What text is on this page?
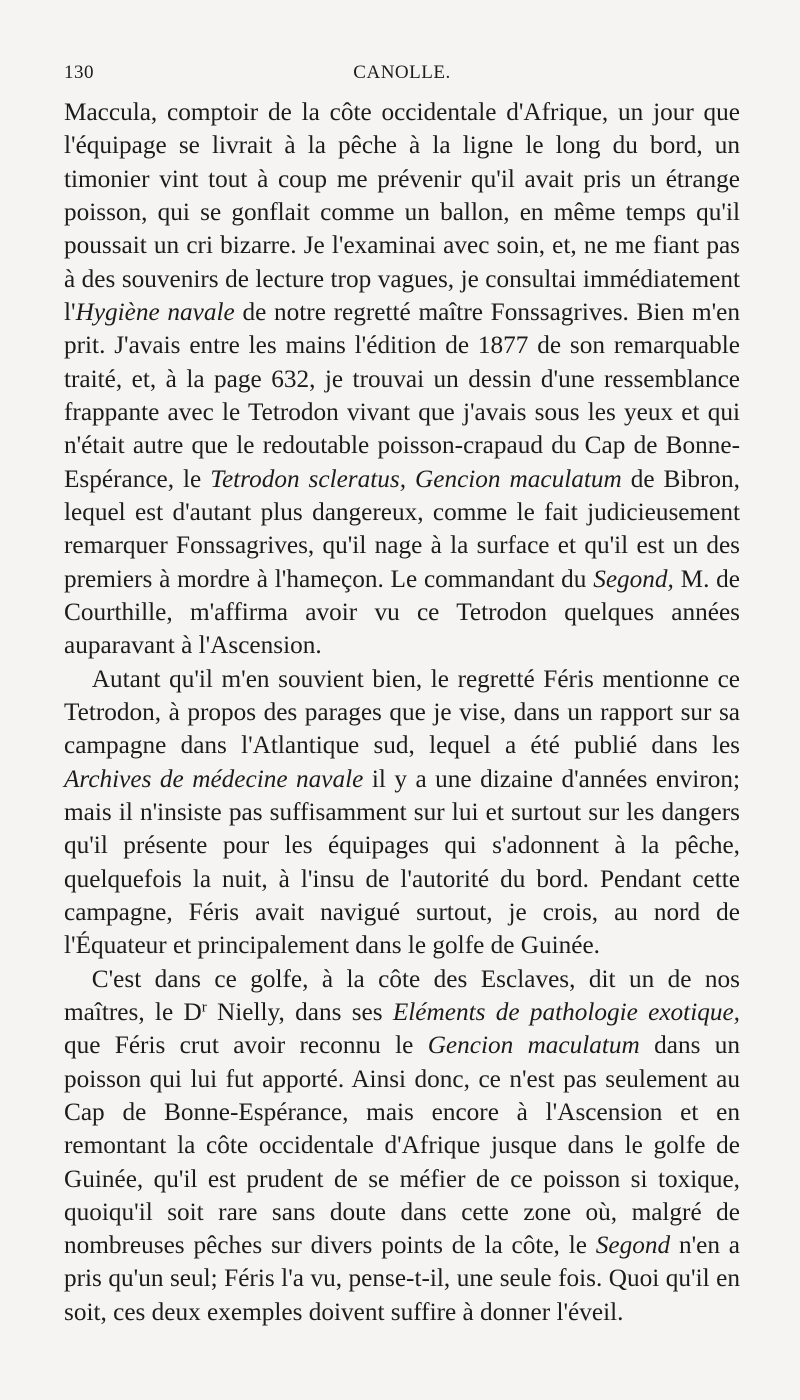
130	CANOLLE.

Maccula, comptoir de la côte occidentale d'Afrique, un jour que l'équipage se livrait à la pêche à la ligne le long du bord, un timonier vint tout à coup me prévenir qu'il avait pris un étrange poisson, qui se gonflait comme un ballon, en même temps qu'il poussait un cri bizarre. Je l'examinai avec soin, et, ne me fiant pas à des souvenirs de lecture trop vagues, je consultai immédiatement l'Hygiène navale de notre regretté maître Fonssagrives. Bien m'en prit. J'avais entre les mains l'édition de 1877 de son remarquable traité, et, à la page 632, je trouvai un dessin d'une ressemblance frappante avec le Tetrodon vivant que j'avais sous les yeux et qui n'était autre que le redoutable poisson-crapaud du Cap de Bonne-Espérance, le Tetrodon scleratus, Gencion maculatum de Bibron, lequel est d'autant plus dangereux, comme le fait judicieusement remarquer Fonssagrives, qu'il nage à la surface et qu'il est un des premiers à mordre à l'hameçon. Le commandant du Segond, M. de Courthille, m'affirma avoir vu ce Tetrodon quelques années auparavant à l'Ascension.

Autant qu'il m'en souvient bien, le regretté Féris mentionne ce Tetrodon, à propos des parages que je vise, dans un rapport sur sa campagne dans l'Atlantique sud, lequel a été publié dans les Archives de médecine navale il y a une dizaine d'années environ; mais il n'insiste pas suffisamment sur lui et surtout sur les dangers qu'il présente pour les équipages qui s'adonnent à la pêche, quelquefois la nuit, à l'insu de l'autorité du bord. Pendant cette campagne, Féris avait navigué surtout, je crois, au nord de l'Équateur et principalement dans le golfe de Guinée.

C'est dans ce golfe, à la côte des Esclaves, dit un de nos maîtres, le $D^r$ Nielly, dans ses Eléments de pathologie exotique, que Féris crut avoir reconnu le Gencion maculatum dans un poisson qui lui fut apporté. Ainsi donc, ce n'est pas seulement au Cap de Bonne-Espérance, mais encore à l'Ascension et en remontant la côte occidentale d'Afrique jusque dans le golfe de Guinée, qu'il est prudent de se méfier de ce poisson si toxique, quoiqu'il soit rare sans doute dans cette zone où, malgré de nombreuses pêches sur divers points de la côte, le Segond n'en a pris qu'un seul; Féris l'a vu, pense-t-il, une seule fois. Quoi qu'il en soit, ces deux exemples doivent suffire à donner l'éveil.
